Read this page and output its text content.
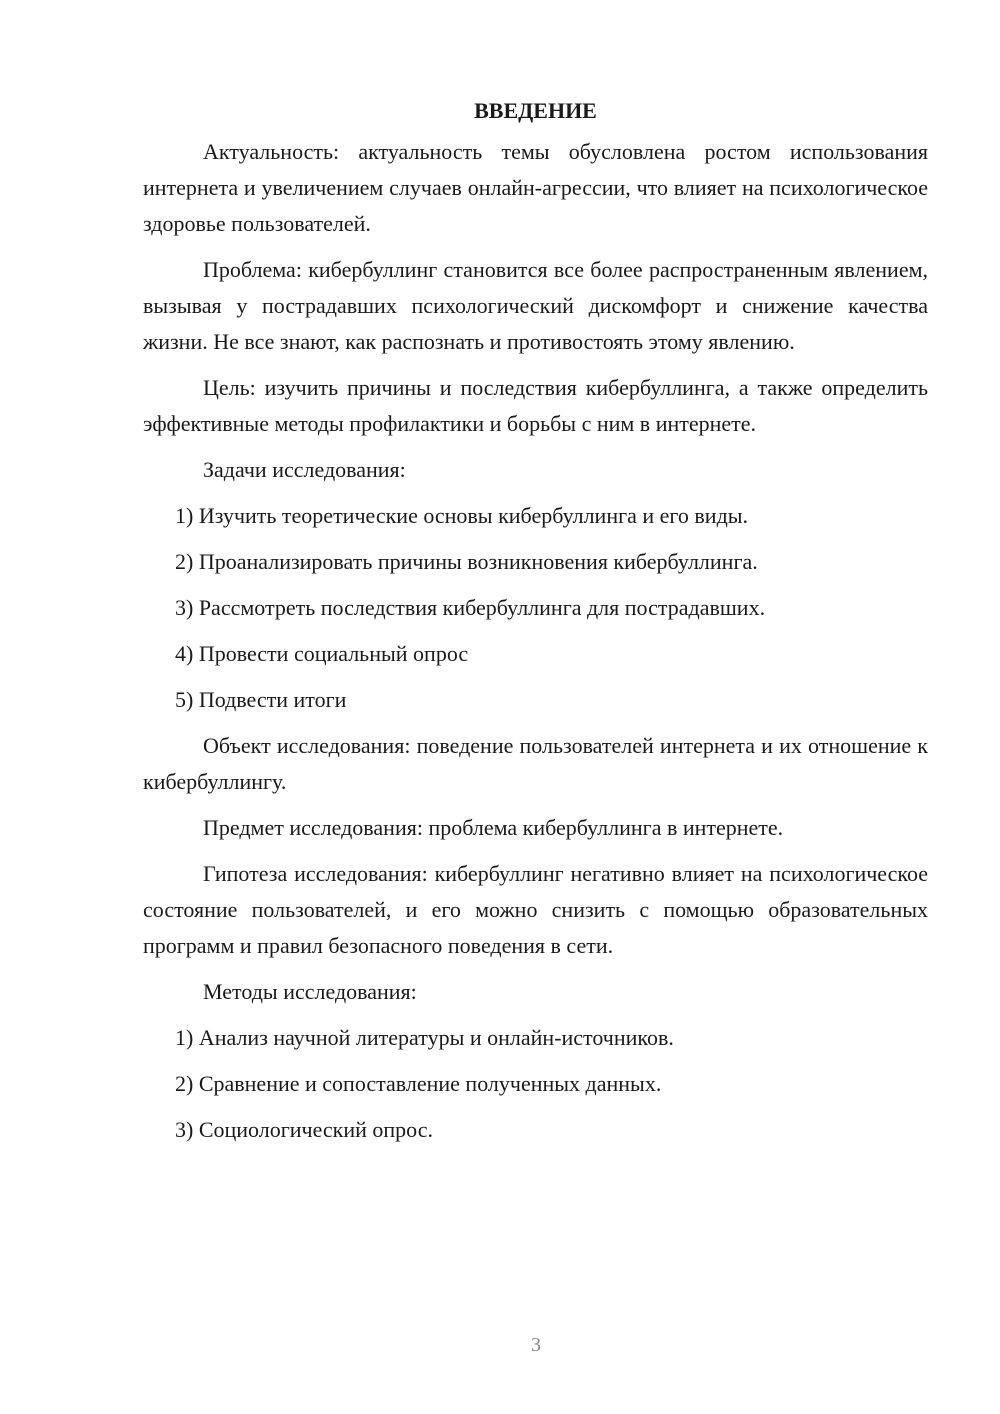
ВВЕДЕНИЕ

Актуальность: актуальность темы обусловлена ростом использования интернета и увеличением случаев онлайн-агрессии, что влияет на психологическое здоровье пользователей.

Проблема: кибербуллинг становится все более распространенным явлением, вызывая у пострадавших психологический дискомфорт и снижение качества жизни. Не все знают, как распознать и противостоять этому явлению.

Цель: изучить причины и последствия кибербуллинга, а также определить эффективные методы профилактики и борьбы с ним в интернете.

Задачи исследования:

1) Изучить теоретические основы кибербуллинга и его виды.
2) Проанализировать причины возникновения кибербуллинга.
3) Рассмотреть последствия кибербуллинга для пострадавших.
4) Провести социальный опрос
5) Подвести итоги

Объект исследования: поведение пользователей интернета и их отношение к кибербуллингу.

Предмет исследования: проблема кибербуллинга в интернете.

Гипотеза исследования: кибербуллинг негативно влияет на психологическое состояние пользователей, и его можно снизить с помощью образовательных программ и правил безопасного поведения в сети.

Методы исследования:

1) Анализ научной литературы и онлайн-источников.
2) Сравнение и сопоставление полученных данных.
3) Социологический опрос.
3
